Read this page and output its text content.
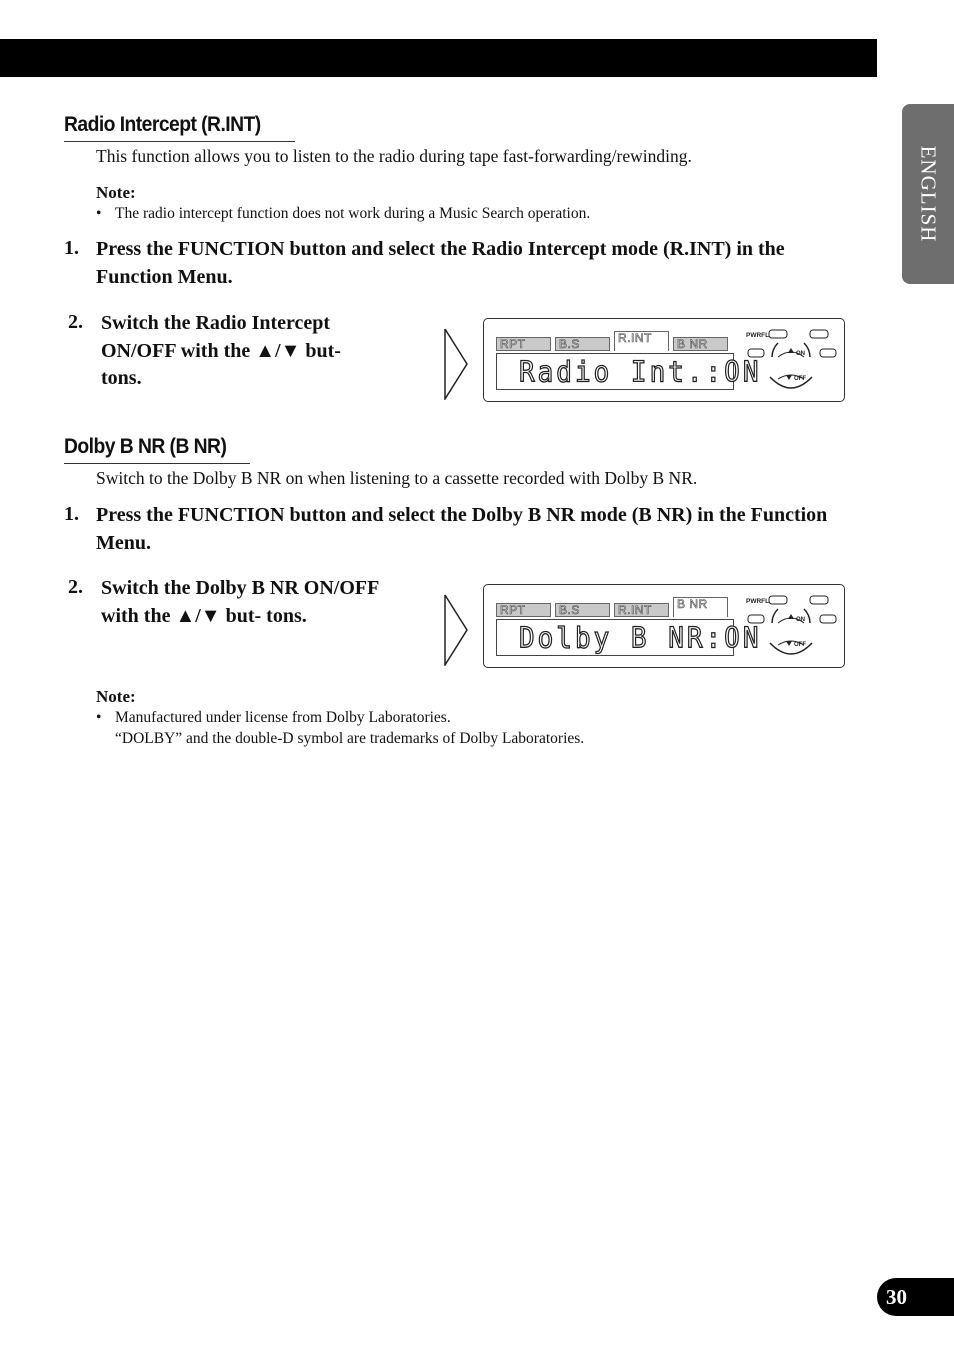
ENGLISH
Radio Intercept (R.INT)

This function allows you to listen to the radio during tape fast-forwarding/rewinding.

Note:

• The radio intercept function does not work during a Music Search operation.

1. Press the FUNCTION button and select the Radio Intercept mode (R.INT) in the Function Menu.

2. Switch the Radio Intercept ON/OFF with the ▲/▼ but- tons.

RPT	B.S	R.INT	B NR
Radio Int.:ON
PWRFL
ON
OFF
Dolby B NR (B NR)

Switch to the Dolby B NR on when listening to a cassette recorded with Dolby B NR.

1. Press the FUNCTION button and select the Dolby B NR mode (B NR) in the Function Menu.

2. Switch the Dolby B NR ON/OFF with the ▲/▼ but- tons.	RPT	B.S	R.INT	B NR
Dolby B NR:ON
PWRFL
ON
OFF

Note:

• Manufactured under license from Dolby Laboratories.

“DOLBY” and the double-D symbol are trademarks of Dolby Laboratories.

30
